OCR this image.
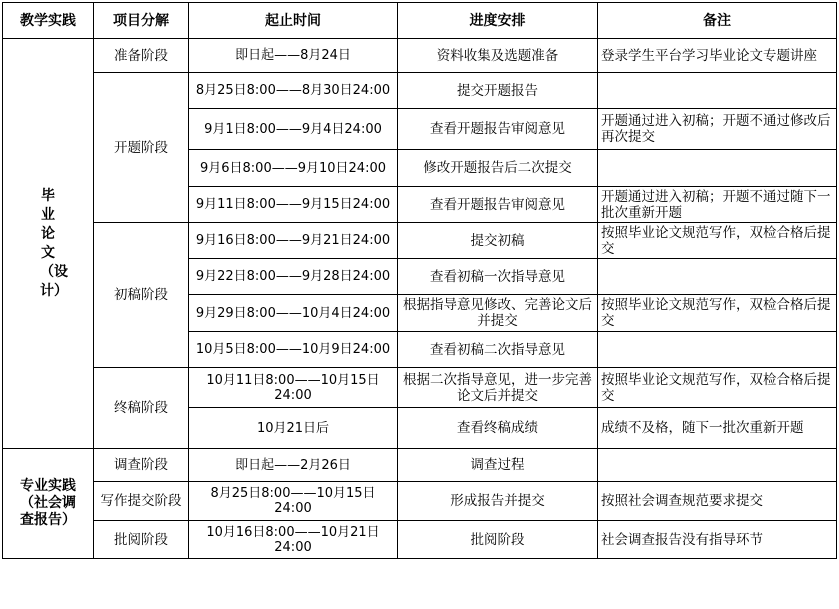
教学实践	项目分解	起止时间	进度安排	备注
毕业论文（设计）	准备阶段	即日起——8月24日	资料收集及选题准备	登录学生平台学习毕业论文专题讲座
	开题阶段	8月25日8:00——8月30日24:00	提交开题报告	
		9月1日8:00——9月4日24:00	查看开题报告审阅意见	开题通过进入初稿；开题不通过修改后再次提交
		9月6日8:00——9月10日24:00	修改开题报告后二次提交	
		9月11日8:00——9月15日24:00	查看开题报告审阅意见	开题通过进入初稿；开题不通过随下一批次重新开题
	初稿阶段	9月16日8:00——9月21日24:00	提交初稿	按照毕业论文规范写作，双检合格后提交
		9月22日8:00——9月28日24:00	查看初稿一次指导意见	
		9月29日8:00——10月4日24:00	根据指导意见修改、完善论文后并提交	按照毕业论文规范写作，双检合格后提交
		10月5日8:00——10月9日24:00	查看初稿二次指导意见	
	终稿阶段	10月11日8:00——10月15日24:00	根据二次指导意见，进一步完善论文后并提交	按照毕业论文规范写作，双检合格后提交
		10月21日后	查看终稿成绩	成绩不及格，随下一批次重新开题
专业实践（社会调查报告）	调查阶段	即日起——2月26日	调查过程	
	写作提交阶段	8月25日8:00——10月15日24:00	形成报告并提交	按照社会调查规范要求提交
	批阅阶段	10月16日8:00——10月21日24:00	批阅阶段	社会调查报告没有指导环节
